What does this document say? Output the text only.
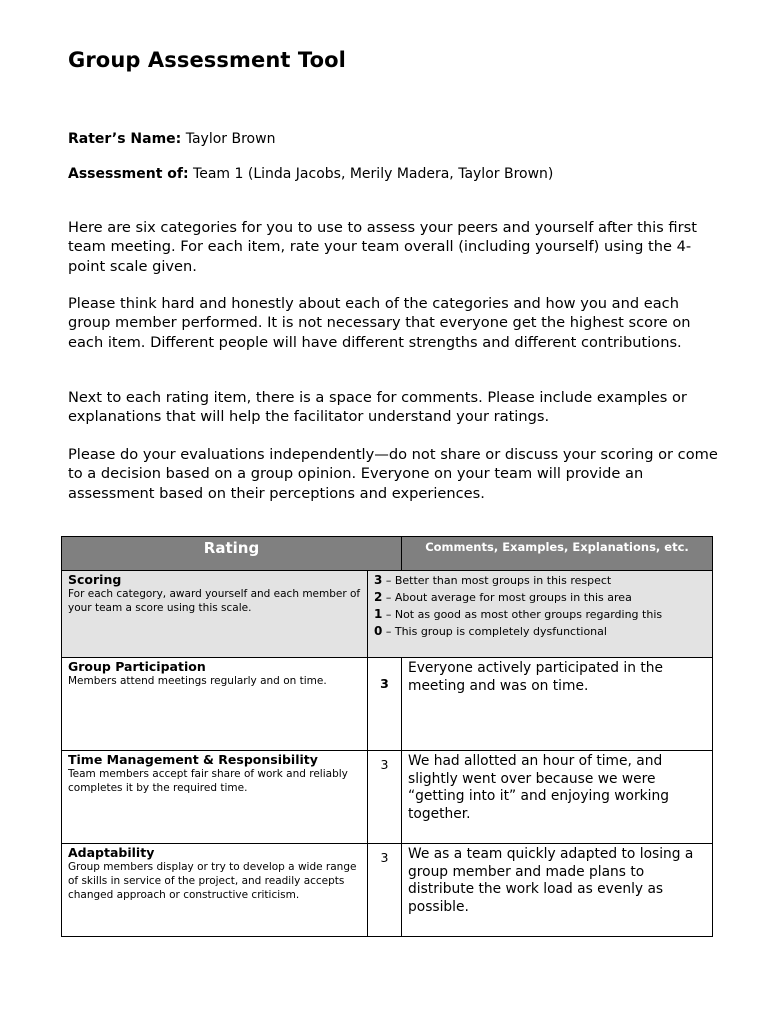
Group Assessment Tool
Rater’s Name: Taylor Brown
Assessment of: Team 1 (Linda Jacobs, Merily Madera, Taylor Brown)
Here are six categories for you to use to assess your peers and yourself after this first team meeting. For each item, rate your team overall (including yourself) using the 4-point scale given.
Please think hard and honestly about each of the categories and how you and each group member performed. It is not necessary that everyone get the highest score on each item. Different people will have different strengths and different contributions.
Next to each rating item, there is a space for comments. Please include examples or explanations that will help the facilitator understand your ratings.
Please do your evaluations independently—do not share or discuss your scoring or come to a decision based on a group opinion. Everyone on your team will provide an assessment based on their perceptions and experiences.
Rating		Comments, Examples, Explanations, etc.

Scoring
For each category, award yourself and each member of your team a score using this scale.	3 – Better than most groups in this respect
2 – About average for most groups in this area
1 – Not as good as most other groups regarding this
0 – This group is completely dysfunctional	

Group Participation
Members attend meetings regularly and on time.	3	Everyone actively participated in the meeting and was on time.

Time Management & Responsibility
Team members accept fair share of work and reliably completes it by the required time.	3	We had allotted an hour of time, and slightly went over because we were “getting into it” and enjoying working together.

Adaptability
Group members display or try to develop a wide range of skills in service of the project, and readily accepts changed approach or constructive criticism.	3	We as a team quickly adapted to losing a group member and made plans to distribute the work load as evenly as possible.
